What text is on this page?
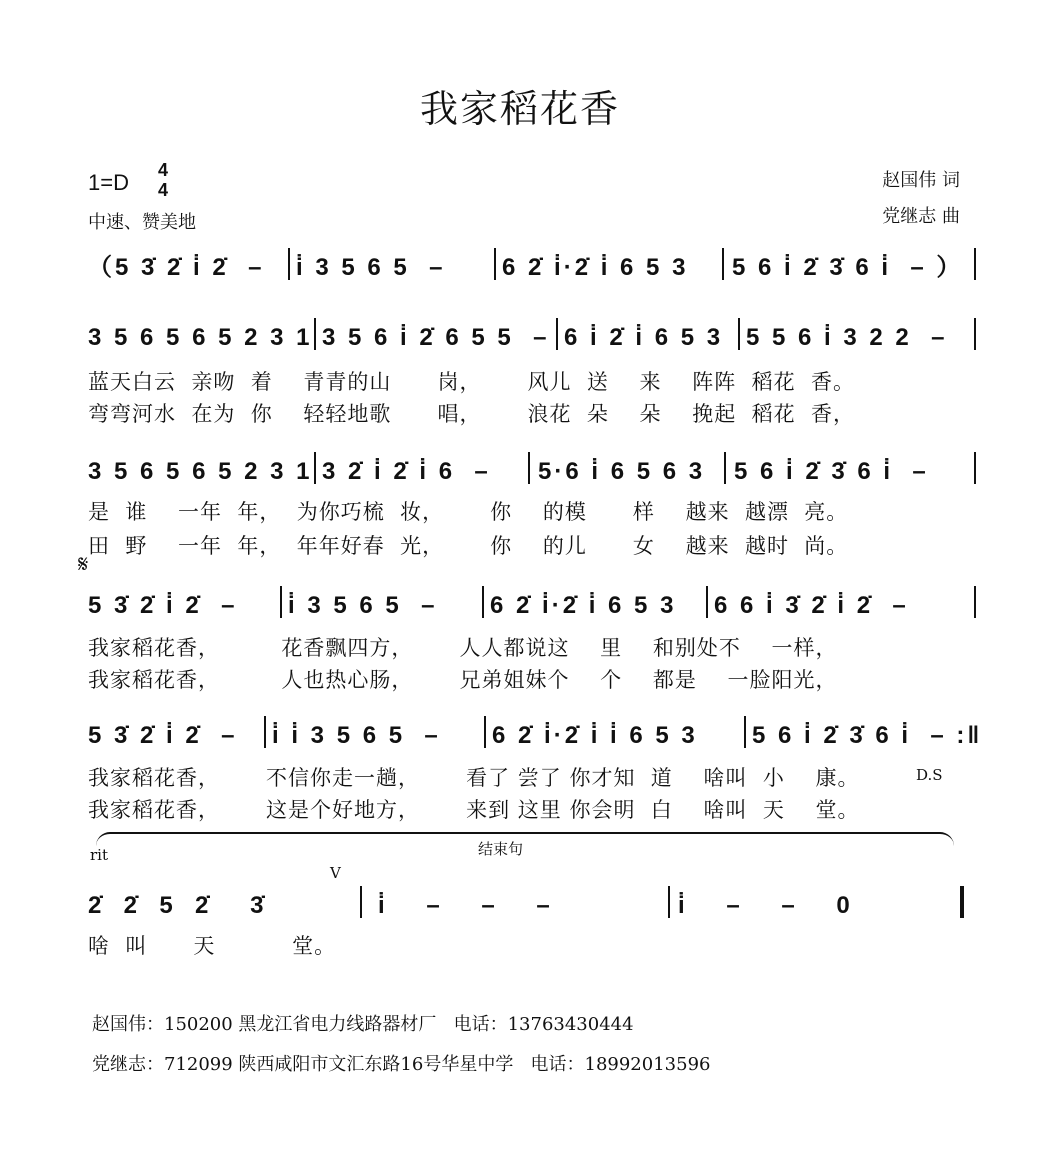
我家稻花香
1=D	4
4
中速、赞美地
赵国伟 词
党继志 曲
（5 3̇ 2̇ i̇ 2̇  – i̇ 3 5 6 5  – 6 2̇ i̇·2̇ i̇ 6 5 3 5 6 i̇ 2̇ 3̇ 6 i̇  – ）
3 5 6 5 6 5 2 3 1 3 5 6 i̇ 2̇ 6 5 5  – 6 i̇ 2̇ i̇ 6 5 3 5 5 6 i̇ 3 2 2  –
蓝天白云  亲吻  着    青青的山      岗，      风儿  送    来    阵阵  稻花  香。
弯弯河水  在为  你    轻轻地歌      唱，      浪花  朵    朵    挽起  稻花  香，
3 5 6 5 6 5 2 3 1 3 2̇ i̇ 2̇ i̇ 6  – 5·6 i̇ 6 5 6 3 5 6 i̇ 2̇ 3̇ 6 i̇  –
是  谁    一年  年，  为你巧梳  妆，      你    的模      样    越来  越漂  亮。
田  野    一年  年，  年年好春  光，      你    的儿      女    越来  越时  尚。
𝄋
5 3̇ 2̇ i̇ 2̇  – i̇ 3 5 6 5  – 6 2̇ i̇·2̇ i̇ 6 5 3 6 6 i̇ 3̇ 2̇ i̇ 2̇  –
我家稻花香，        花香飘四方，      人人都说这    里    和别处不    一样，
我家稻花香，        人也热心肠，      兄弟姐妹个    个    都是    一脸阳光，
5 3̇ 2̇ i̇ 2̇  – i̇ i̇ 3 5 6 5  – 6 2̇ i̇·2̇ i̇ i̇ 6 5 3 5 6 i̇ 2̇ 3̇ 6 i̇  – :‖
我家稻花香，      不信你走一趟，      看了 尝了 你才知  道    啥叫  小    康。	D.S
我家稻花香，      这是个好地方，      来到 这里 你会明  白    啥叫  天    堂。
rit	结束句
V
2̇  2̇  5  2̇    3̇	i̇    –    –    –	i̇    –    –    0
啥  叫      天          堂。
赵国伟：150200 黑龙江省电力线路器材厂   电话：13763430444
党继志：712099 陕西咸阳市文汇东路16号华星中学   电话：18992013596
